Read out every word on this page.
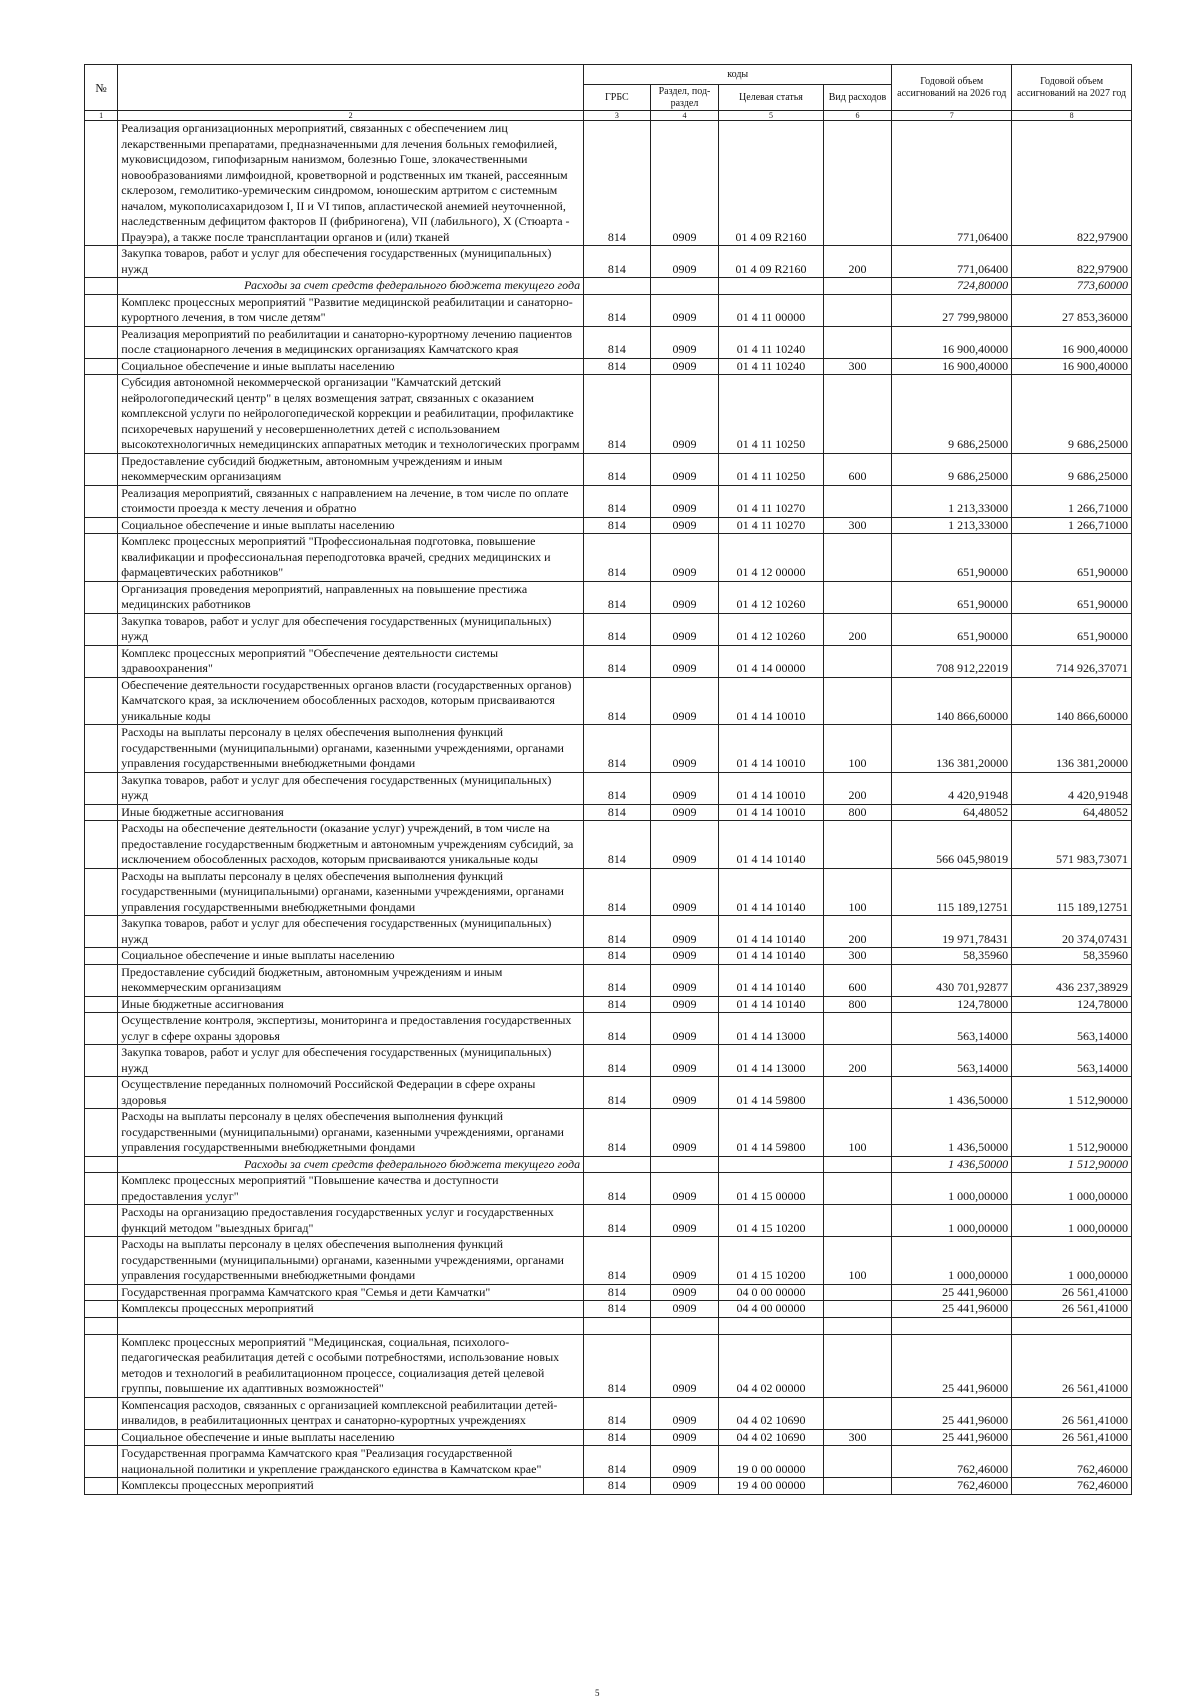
№		коды				Годовой объем ассигнований на 2026 год	Годовой объем ассигнований на 2027 год
		ГРБС	Раздел, под- раздел	Целевая статья	Вид расходов		
1	2	3	4	5	6	7	8
	Реализация организационных мероприятий, связанных с обеспечением лиц лекарственными препаратами, предназначенными для лечения больных гемофилией, муковисцидозом, гипофизарным нанизмом, болезнью Гоше, злокачественными новообразованиями лимфоидной, кроветворной и родственных им тканей, рассеянным склерозом, гемолитико-уремическим синдромом, юношеским артритом с системным началом, мукополисахаридозом I, II и VI типов, апластической анемией неуточненной, наследственным дефицитом факторов II (фибриногена), VII (лабильного), X (Стюарта - Прауэра), а также после трансплантации органов и (или) тканей	814	0909	01 4 09 R2160		771,06400	822,97900
	Закупка товаров, работ и услуг для обеспечения государственных (муниципальных) нужд	814	0909	01 4 09 R2160	200	771,06400	822,97900
	Расходы за счет средств федерального бюджета текущего года					724,80000	773,60000
	Комплекс процессных мероприятий "Развитие медицинской реабилитации и санаторно-курортного лечения, в том числе детям"	814	0909	01 4 11 00000		27 799,98000	27 853,36000
	Реализация мероприятий по реабилитации и санаторно-курортному лечению пациентов после стационарного лечения в медицинских организациях Камчатского края	814	0909	01 4 11 10240		16 900,40000	16 900,40000
	Социальное обеспечение и иные выплаты населению	814	0909	01 4 11 10240	300	16 900,40000	16 900,40000
	Субсидия автономной некоммерческой организации "Камчатский детский нейрологопедический центр" в целях возмещения затрат, связанных с оказанием комплексной услуги по нейрологопедической коррекции и реабилитации, профилактике психоречевых нарушений у несовершеннолетних детей с использованием высокотехнологичных немедицинских аппаратных методик и технологических программ	814	0909	01 4 11 10250		9 686,25000	9 686,25000
	Предоставление субсидий бюджетным, автономным учреждениям и иным некоммерческим организациям	814	0909	01 4 11 10250	600	9 686,25000	9 686,25000
	Реализация мероприятий, связанных с направлением на лечение, в том числе по оплате стоимости проезда к месту лечения и обратно	814	0909	01 4 11 10270		1 213,33000	1 266,71000
	Социальное обеспечение и иные выплаты населению	814	0909	01 4 11 10270	300	1 213,33000	1 266,71000
	Комплекс процессных мероприятий "Профессиональная подготовка, повышение квалификации и профессиональная переподготовка врачей, средних медицинских и фармацевтических работников"	814	0909	01 4 12 00000		651,90000	651,90000
	Организация проведения мероприятий, направленных на повышение престижа медицинских работников	814	0909	01 4 12 10260		651,90000	651,90000
	Закупка товаров, работ и услуг для обеспечения государственных (муниципальных) нужд	814	0909	01 4 12 10260	200	651,90000	651,90000
	Комплекс процессных мероприятий "Обеспечение деятельности системы здравоохранения"	814	0909	01 4 14 00000		708 912,22019	714 926,37071
	Обеспечение деятельности государственных органов власти (государственных органов) Камчатского края, за исключением обособленных расходов, которым присваиваются уникальные коды	814	0909	01 4 14 10010		140 866,60000	140 866,60000
	Расходы на выплаты персоналу в целях обеспечения выполнения функций государственными (муниципальными) органами, казенными учреждениями, органами управления государственными внебюджетными фондами	814	0909	01 4 14 10010	100	136 381,20000	136 381,20000
	Закупка товаров, работ и услуг для обеспечения государственных (муниципальных) нужд	814	0909	01 4 14 10010	200	4 420,91948	4 420,91948
	Иные бюджетные ассигнования	814	0909	01 4 14 10010	800	64,48052	64,48052
	Расходы на обеспечение деятельности (оказание услуг) учреждений, в том числе на предоставление государственным бюджетным и автономным учреждениям субсидий, за исключением обособленных расходов, которым присваиваются уникальные коды	814	0909	01 4 14 10140		566 045,98019	571 983,73071
	Расходы на выплаты персоналу в целях обеспечения выполнения функций государственными (муниципальными) органами, казенными учреждениями, органами управления государственными внебюджетными фондами	814	0909	01 4 14 10140	100	115 189,12751	115 189,12751
	Закупка товаров, работ и услуг для обеспечения государственных (муниципальных) нужд	814	0909	01 4 14 10140	200	19 971,78431	20 374,07431
	Социальное обеспечение и иные выплаты населению	814	0909	01 4 14 10140	300	58,35960	58,35960
	Предоставление субсидий бюджетным, автономным учреждениям и иным некоммерческим организациям	814	0909	01 4 14 10140	600	430 701,92877	436 237,38929
	Иные бюджетные ассигнования	814	0909	01 4 14 10140	800	124,78000	124,78000
	Осуществление контроля, экспертизы, мониторинга и предоставления государственных услуг в сфере охраны здоровья	814	0909	01 4 14 13000		563,14000	563,14000
	Закупка товаров, работ и услуг для обеспечения государственных (муниципальных) нужд	814	0909	01 4 14 13000	200	563,14000	563,14000
	Осуществление переданных полномочий Российской Федерации в сфере охраны здоровья	814	0909	01 4 14 59800		1 436,50000	1 512,90000
	Расходы на выплаты персоналу в целях обеспечения выполнения функций государственными (муниципальными) органами, казенными учреждениями, органами управления государственными внебюджетными фондами	814	0909	01 4 14 59800	100	1 436,50000	1 512,90000
	Расходы за счет средств федерального бюджета текущего года					1 436,50000	1 512,90000
	Комплекс процессных мероприятий "Повышение качества и доступности предоставления услуг"	814	0909	01 4 15 00000		1 000,00000	1 000,00000
	Расходы на организацию предоставления государственных услуг и государственных функций методом "выездных бригад"	814	0909	01 4 15 10200		1 000,00000	1 000,00000
	Расходы на выплаты персоналу в целях обеспечения выполнения функций государственными (муниципальными) органами, казенными учреждениями, органами управления государственными внебюджетными фондами	814	0909	01 4 15 10200	100	1 000,00000	1 000,00000
	Государственная программа Камчатского края "Семья и дети Камчатки"	814	0909	04 0 00 00000		25 441,96000	26 561,41000
	Комплексы процессных мероприятий	814	0909	04 4 00 00000		25 441,96000	26 561,41000

	Комплекс процессных мероприятий "Медицинская, социальная, психолого-педагогическая реабилитация детей с особыми потребностями, использование новых методов и технологий в реабилитационном процессе, социализация детей целевой группы, повышение их адаптивных возможностей"	814	0909	04 4 02 00000		25 441,96000	26 561,41000
	Компенсация расходов, связанных с организацией комплексной реабилитации детей-инвалидов, в реабилитационных центрах и санаторно-курортных учреждениях	814	0909	04 4 02 10690		25 441,96000	26 561,41000
	Социальное обеспечение и иные выплаты населению	814	0909	04 4 02 10690	300	25 441,96000	26 561,41000
	Государственная программа Камчатского края "Реализация государственной национальной политики и укрепление гражданского единства в Камчатском крае"	814	0909	19 0 00 00000		762,46000	762,46000
	Комплексы процессных мероприятий	814	0909	19 4 00 00000		762,46000	762,46000
5
